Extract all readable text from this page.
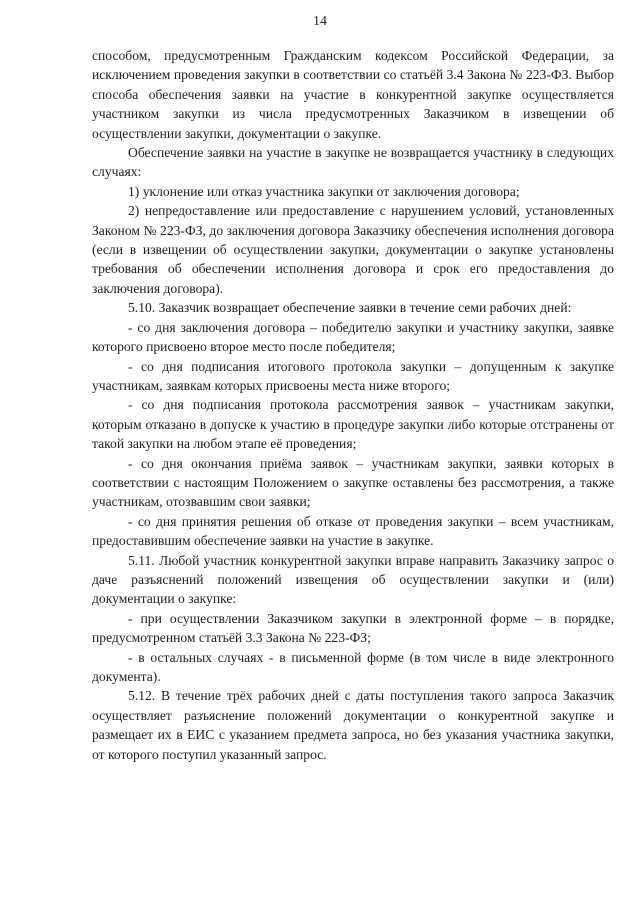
14

способом, предусмотренным Гражданским кодексом Российской Федерации, за исключением проведения закупки в соответствии со статьёй 3.4 Закона № 223-ФЗ. Выбор способа обеспечения заявки на участие в конкурентной закупке осуществляется участником закупки из числа предусмотренных Заказчиком в извещении об осуществлении закупки, документации о закупке.

Обеспечение заявки на участие в закупке не возвращается участнику в следующих случаях:

1) уклонение или отказ участника закупки от заключения договора;

2) непредоставление или предоставление с нарушением условий, установленных Законом № 223-ФЗ, до заключения договора Заказчику обеспечения исполнения договора (если в извещении об осуществлении закупки, документации о закупке установлены требования об обеспечении исполнения договора и срок его предоставления до заключения договора).

5.10. Заказчик возвращает обеспечение заявки в течение семи рабочих дней:

- со дня заключения договора – победителю закупки и участнику закупки, заявке которого присвоено второе место после победителя;

- со дня подписания итогового протокола закупки – допущенным к закупке участникам, заявкам которых присвоены места ниже второго;

- со дня подписания протокола рассмотрения заявок – участникам закупки, которым отказано в допуске к участию в процедуре закупки либо которые отстранены от такой закупки на любом этапе её проведения;

- со дня окончания приёма заявок – участникам закупки, заявки которых в соответствии с настоящим Положением о закупке оставлены без рассмотрения, а также участникам, отозвавшим свои заявки;

- со дня принятия решения об отказе от проведения закупки – всем участникам, предоставившим обеспечение заявки на участие в закупке.

5.11. Любой участник конкурентной закупки вправе направить Заказчику запрос о даче разъяснений положений извещения об осуществлении закупки и (или) документации о закупке:

- при осуществлении Заказчиком закупки в электронной форме – в порядке, предусмотренном статьёй 3.3 Закона № 223-ФЗ;

- в остальных случаях - в письменной форме (в том числе в виде электронного документа).

5.12. В течение трёх рабочих дней с даты поступления такого запроса Заказчик осуществляет разъяснение положений документации о конкурентной закупке и размещает их в ЕИС с указанием предмета запроса, но без указания участника закупки, от которого поступил указанный запрос.
